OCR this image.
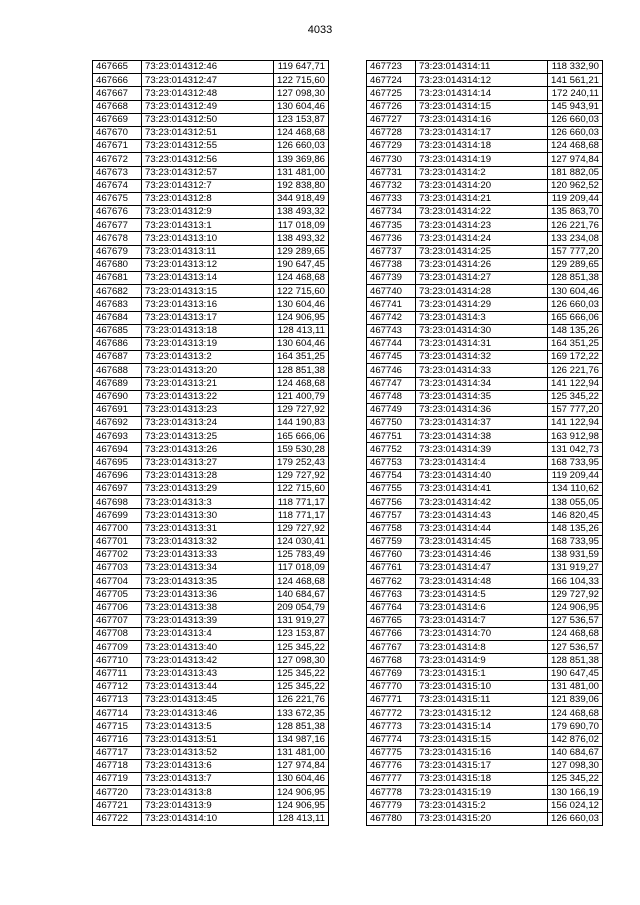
4033
467665	73:23:014312:46	119 647,71
467666	73:23:014312:47	122 715,60
467667	73:23:014312:48	127 098,30
467668	73:23:014312:49	130 604,46
467669	73:23:014312:50	123 153,87
467670	73:23:014312:51	124 468,68
467671	73:23:014312:55	126 660,03
467672	73:23:014312:56	139 369,86
467673	73:23:014312:57	131 481,00
467674	73:23:014312:7	192 838,80
467675	73:23:014312:8	344 918,49
467676	73:23:014312:9	138 493,32
467677	73:23:014313:1	117 018,09
467678	73:23:014313:10	138 493,32
467679	73:23:014313:11	129 289,65
467680	73:23:014313:12	190 647,45
467681	73:23:014313:14	124 468,68
467682	73:23:014313:15	122 715,60
467683	73:23:014313:16	130 604,46
467684	73:23:014313:17	124 906,95
467685	73:23:014313:18	128 413,11
467686	73:23:014313:19	130 604,46
467687	73:23:014313:2	164 351,25
467688	73:23:014313:20	128 851,38
467689	73:23:014313:21	124 468,68
467690	73:23:014313:22	121 400,79
467691	73:23:014313:23	129 727,92
467692	73:23:014313:24	144 190,83
467693	73:23:014313:25	165 666,06
467694	73:23:014313:26	159 530,28
467695	73:23:014313:27	179 252,43
467696	73:23:014313:28	129 727,92
467697	73:23:014313:29	122 715,60
467698	73:23:014313:3	118 771,17
467699	73:23:014313:30	118 771,17
467700	73:23:014313:31	129 727,92
467701	73:23:014313:32	124 030,41
467702	73:23:014313:33	125 783,49
467703	73:23:014313:34	117 018,09
467704	73:23:014313:35	124 468,68
467705	73:23:014313:36	140 684,67
467706	73:23:014313:38	209 054,79
467707	73:23:014313:39	131 919,27
467708	73:23:014313:4	123 153,87
467709	73:23:014313:40	125 345,22
467710	73:23:014313:42	127 098,30
467711	73:23:014313:43	125 345,22
467712	73:23:014313:44	125 345,22
467713	73:23:014313:45	126 221,76
467714	73:23:014313:46	133 672,35
467715	73:23:014313:5	128 851,38
467716	73:23:014313:51	134 987,16
467717	73:23:014313:52	131 481,00
467718	73:23:014313:6	127 974,84
467719	73:23:014313:7	130 604,46
467720	73:23:014313:8	124 906,95
467721	73:23:014313:9	124 906,95
467722	73:23:014314:10	128 413,11
467723	73:23:014314:11	118 332,90
467724	73:23:014314:12	141 561,21
467725	73:23:014314:14	172 240,11
467726	73:23:014314:15	145 943,91
467727	73:23:014314:16	126 660,03
467728	73:23:014314:17	126 660,03
467729	73:23:014314:18	124 468,68
467730	73:23:014314:19	127 974,84
467731	73:23:014314:2	181 882,05
467732	73:23:014314:20	120 962,52
467733	73:23:014314:21	119 209,44
467734	73:23:014314:22	135 863,70
467735	73:23:014314:23	126 221,76
467736	73:23:014314:24	133 234,08
467737	73:23:014314:25	157 777,20
467738	73:23:014314:26	129 289,65
467739	73:23:014314:27	128 851,38
467740	73:23:014314:28	130 604,46
467741	73:23:014314:29	126 660,03
467742	73:23:014314:3	165 666,06
467743	73:23:014314:30	148 135,26
467744	73:23:014314:31	164 351,25
467745	73:23:014314:32	169 172,22
467746	73:23:014314:33	126 221,76
467747	73:23:014314:34	141 122,94
467748	73:23:014314:35	125 345,22
467749	73:23:014314:36	157 777,20
467750	73:23:014314:37	141 122,94
467751	73:23:014314:38	163 912,98
467752	73:23:014314:39	131 042,73
467753	73:23:014314:4	168 733,95
467754	73:23:014314:40	119 209,44
467755	73:23:014314:41	134 110,62
467756	73:23:014314:42	138 055,05
467757	73:23:014314:43	146 820,45
467758	73:23:014314:44	148 135,26
467759	73:23:014314:45	168 733,95
467760	73:23:014314:46	138 931,59
467761	73:23:014314:47	131 919,27
467762	73:23:014314:48	166 104,33
467763	73:23:014314:5	129 727,92
467764	73:23:014314:6	124 906,95
467765	73:23:014314:7	127 536,57
467766	73:23:014314:70	124 468,68
467767	73:23:014314:8	127 536,57
467768	73:23:014314:9	128 851,38
467769	73:23:014315:1	190 647,45
467770	73:23:014315:10	131 481,00
467771	73:23:014315:11	121 839,06
467772	73:23:014315:12	124 468,68
467773	73:23:014315:14	179 690,70
467774	73:23:014315:15	142 876,02
467775	73:23:014315:16	140 684,67
467776	73:23:014315:17	127 098,30
467777	73:23:014315:18	125 345,22
467778	73:23:014315:19	130 166,19
467779	73:23:014315:2	156 024,12
467780	73:23:014315:20	126 660,03
